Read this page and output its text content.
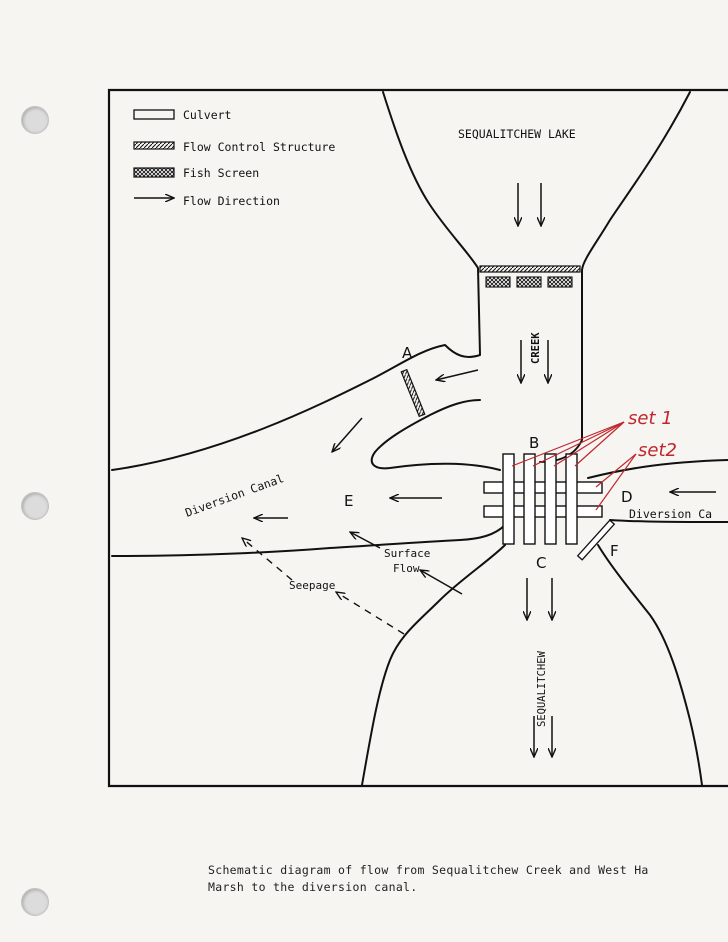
Culvert
Flow Control Structure
Fish Screen
Flow Direction
SEQUALITCHEW LAKE
A
B
C
D
E
F
set 1
set2
CREEK
SEQUALITCHEW
Diversion Canal	Diversion Ca
Surface
Flow
Seepage
Schematic diagram of flow from Sequalitchew Creek and West Ha
Marsh to the diversion canal.
